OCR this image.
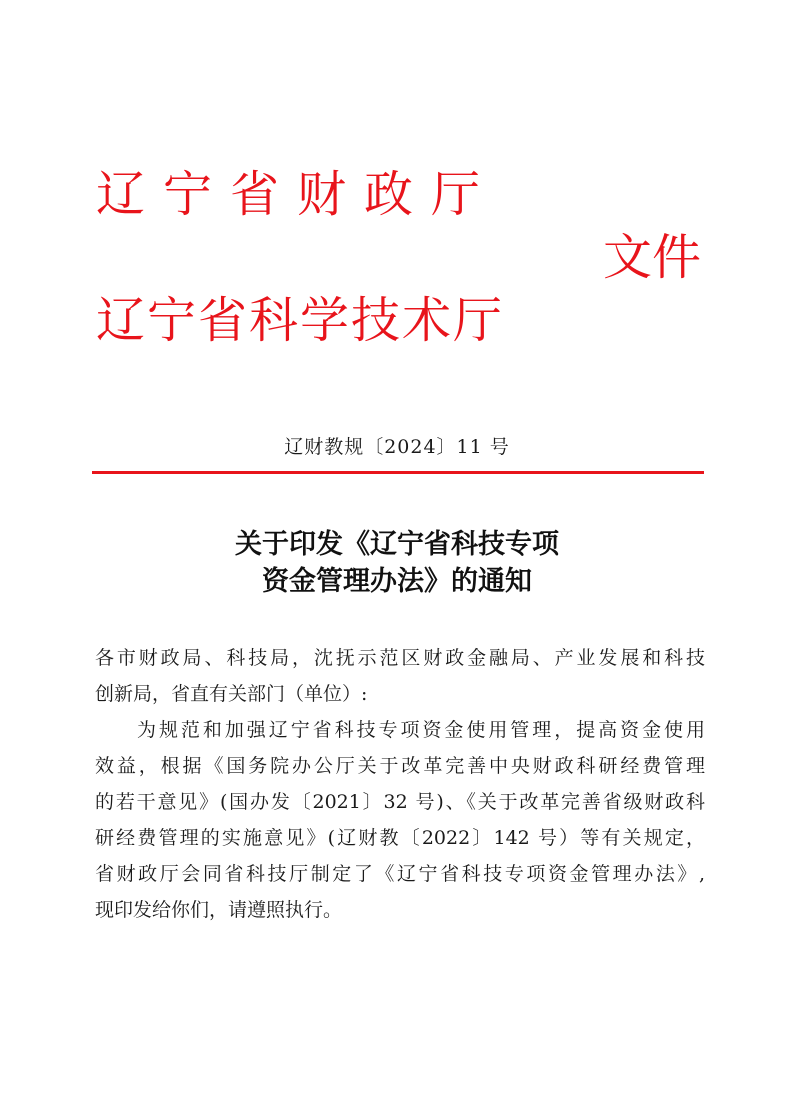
辽宁省财政厅
文件
辽宁省科学技术厅
辽财教规〔2024〕11 号
关于印发《辽宁省科技专项
资金管理办法》的通知
各市财政局、科技局，沈抚示范区财政金融局、产业发展和科技
创新局，省直有关部门（单位）:
为规范和加强辽宁省科技专项资金使用管理，提高资金使用
效益，根据《国务院办公厅关于改革完善中央财政科研经费管理
的若干意见》(国办发〔2021〕32 号)、《关于改革完善省级财政科
研经费管理的实施意见》(辽财教〔2022〕142 号）等有关规定，
省财政厅会同省科技厅制定了《辽宁省科技专项资金管理办法》,
现印发给你们，请遵照执行。
